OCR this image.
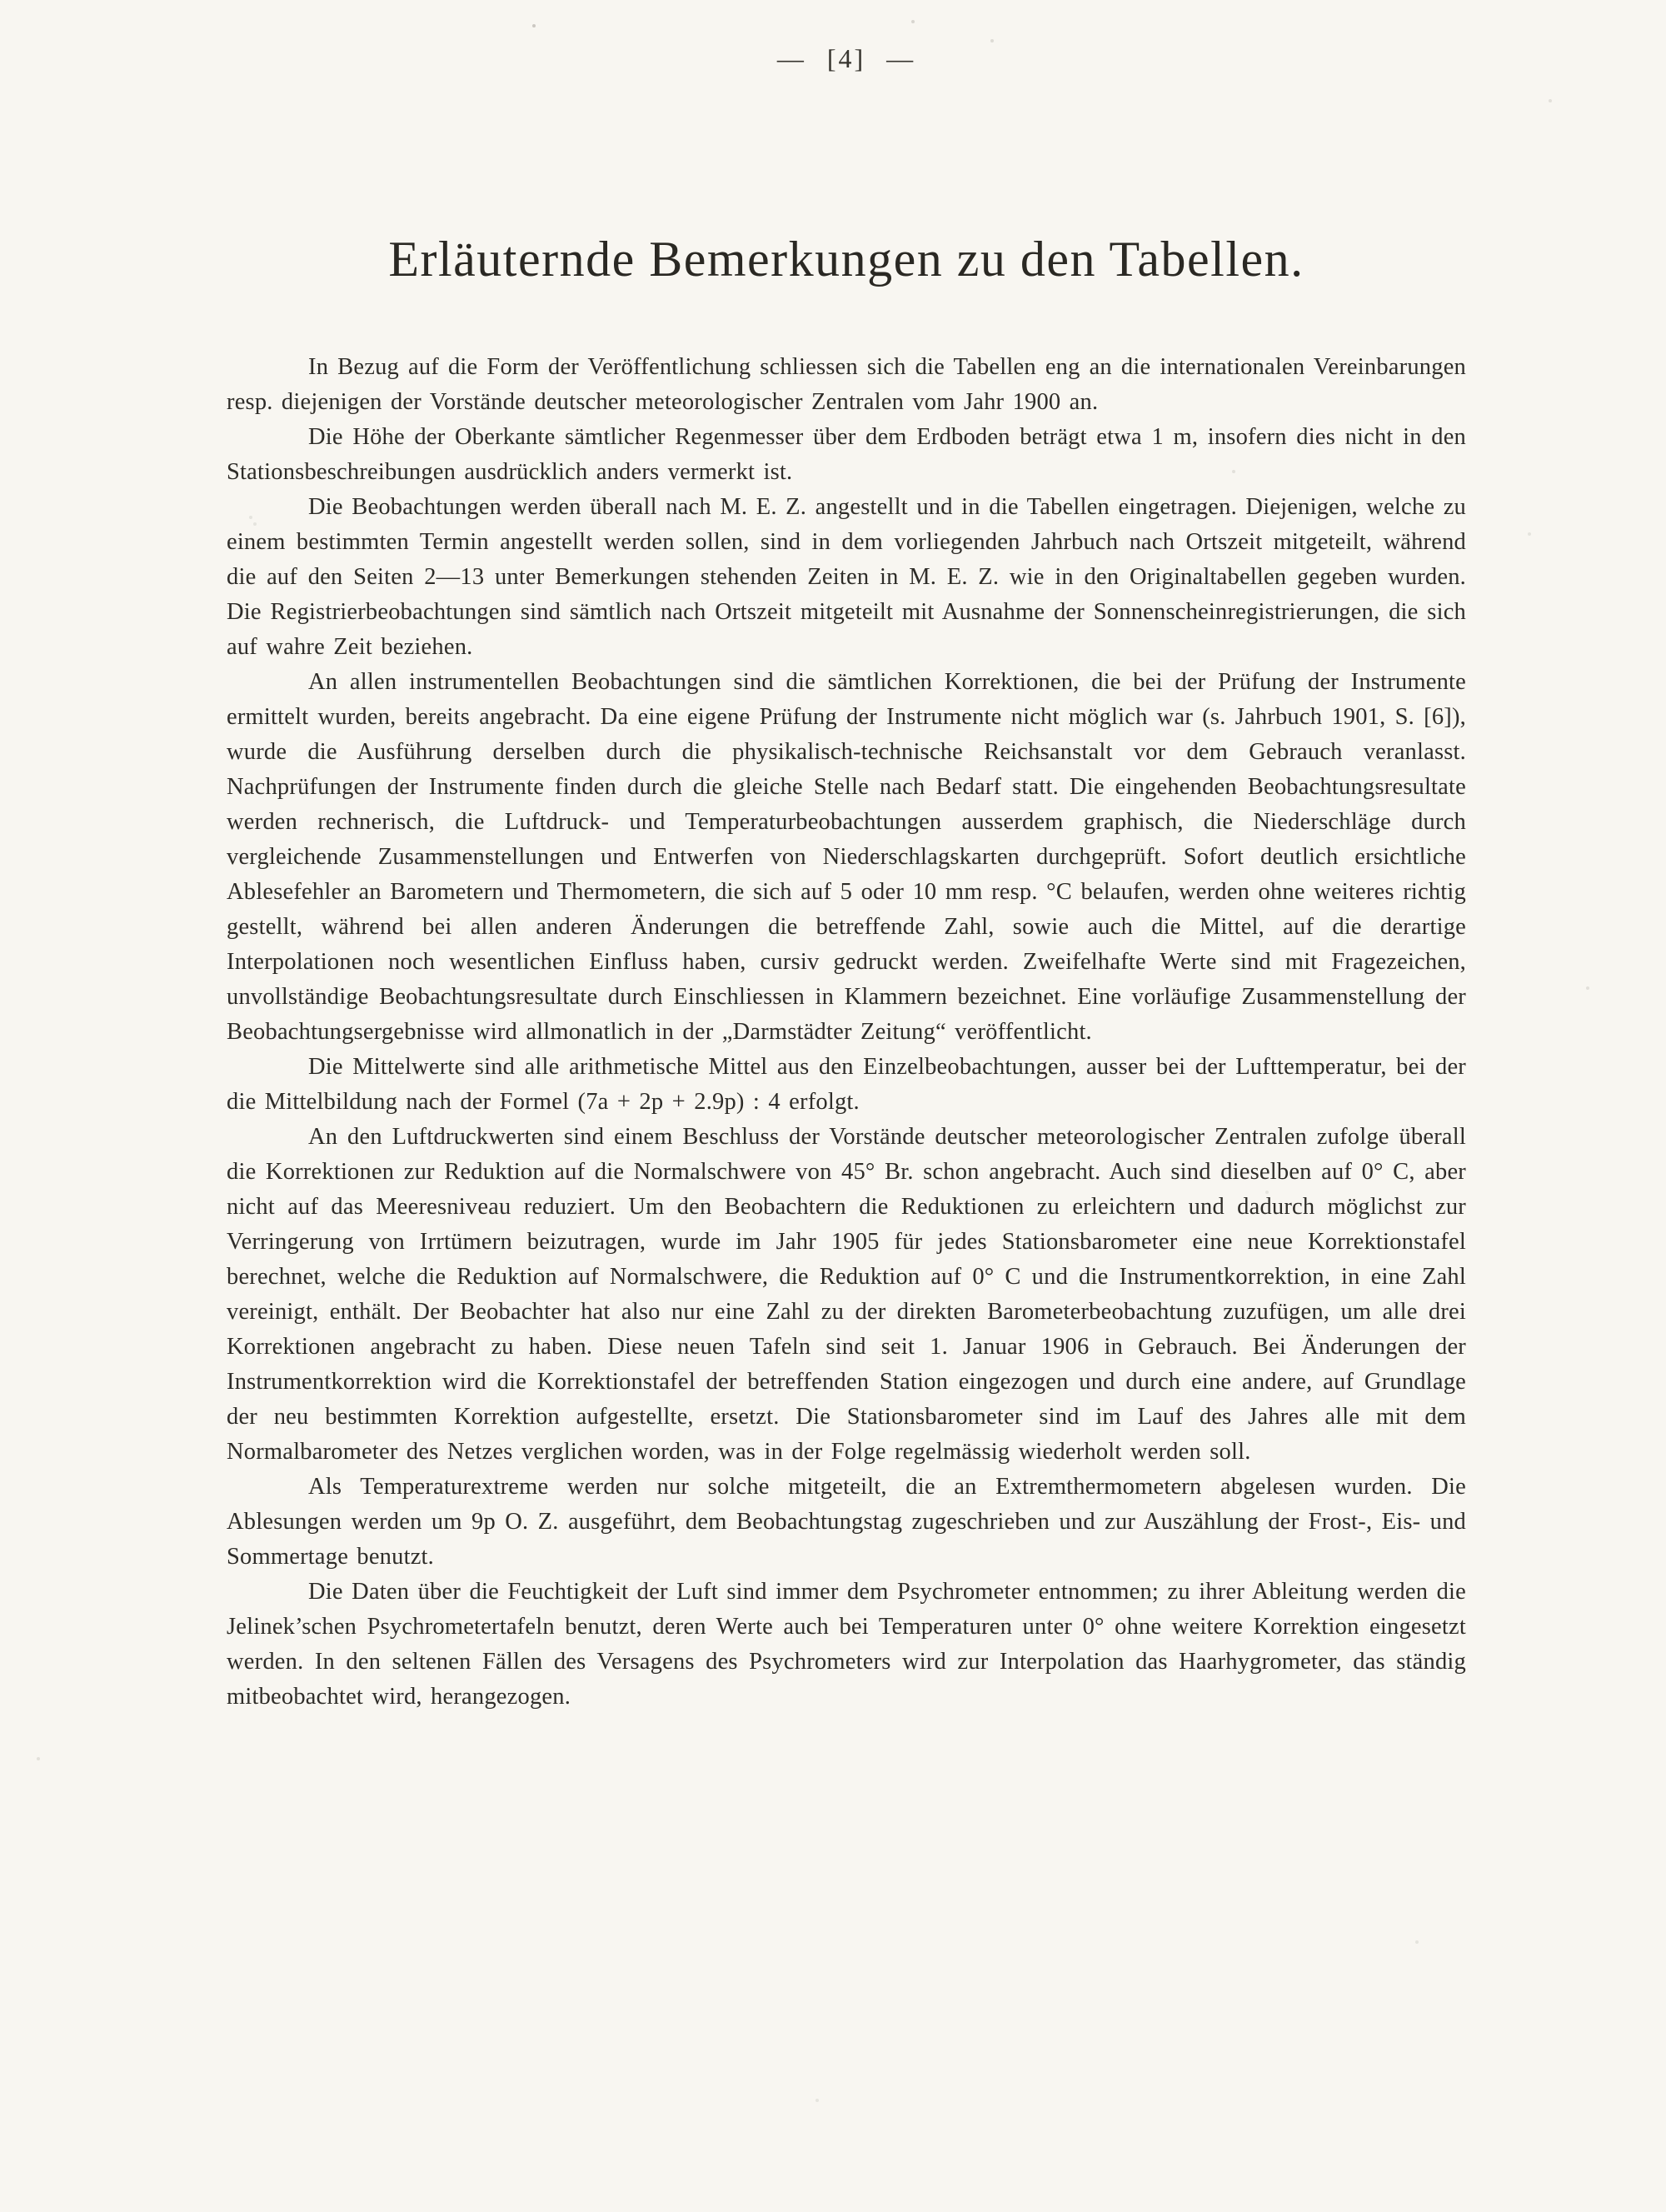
— [4] —
Erläuternde Bemerkungen zu den Tabellen.

In Bezug auf die Form der Veröffentlichung schliessen sich die Tabellen eng an die internationalen Vereinbarungen resp. diejenigen der Vorstände deutscher meteorologischer Zentralen vom Jahr 1900 an.

Die Höhe der Oberkante sämtlicher Regenmesser über dem Erdboden beträgt etwa 1 m, insofern dies nicht in den Stationsbeschreibungen ausdrücklich anders vermerkt ist.

Die Beobachtungen werden überall nach M. E. Z. angestellt und in die Tabellen eingetragen. Diejenigen, welche zu einem bestimmten Termin angestellt werden sollen, sind in dem vorliegenden Jahrbuch nach Ortszeit mitgeteilt, während die auf den Seiten 2—13 unter Bemerkungen stehenden Zeiten in M. E. Z. wie in den Originaltabellen gegeben wurden. Die Registrierbeobachtungen sind sämtlich nach Ortszeit mitgeteilt mit Ausnahme der Sonnenscheinregistrierungen, die sich auf wahre Zeit beziehen.

An allen instrumentellen Beobachtungen sind die sämtlichen Korrektionen, die bei der Prüfung der Instrumente ermittelt wurden, bereits angebracht. Da eine eigene Prüfung der Instrumente nicht möglich war (s. Jahrbuch 1901, S. [6]), wurde die Ausführung derselben durch die physikalisch-technische Reichsanstalt vor dem Gebrauch veranlasst. Nachprüfungen der Instrumente finden durch die gleiche Stelle nach Bedarf statt. Die eingehenden Beobachtungsresultate werden rechnerisch, die Luftdruck- und Temperaturbeobachtungen ausserdem graphisch, die Niederschläge durch vergleichende Zusammenstellungen und Entwerfen von Niederschlagskarten durchgeprüft. Sofort deutlich ersichtliche Ablesefehler an Barometern und Thermometern, die sich auf 5 oder 10 mm resp. °C belaufen, werden ohne weiteres richtig gestellt, während bei allen anderen Änderungen die betreffende Zahl, sowie auch die Mittel, auf die derartige Interpolationen noch wesentlichen Einfluss haben, cursiv gedruckt werden. Zweifelhafte Werte sind mit Fragezeichen, unvollständige Beobachtungsresultate durch Einschliessen in Klammern bezeichnet. Eine vorläufige Zusammenstellung der Beobachtungsergebnisse wird allmonatlich in der „Darmstädter Zeitung“ veröffentlicht.

Die Mittelwerte sind alle arithmetische Mittel aus den Einzelbeobachtungen, ausser bei der Lufttemperatur, bei der die Mittelbildung nach der Formel (7a + 2p + 2.9p) : 4 erfolgt.

An den Luftdruckwerten sind einem Beschluss der Vorstände deutscher meteorologischer Zentralen zufolge überall die Korrektionen zur Reduktion auf die Normalschwere von 45° Br. schon angebracht. Auch sind dieselben auf 0° C, aber nicht auf das Meeresniveau reduziert. Um den Beobachtern die Reduktionen zu erleichtern und dadurch möglichst zur Verringerung von Irrtümern beizutragen, wurde im Jahr 1905 für jedes Stationsbarometer eine neue Korrektionstafel berechnet, welche die Reduktion auf Normalschwere, die Reduktion auf 0° C und die Instrumentkorrektion, in eine Zahl vereinigt, enthält. Der Beobachter hat also nur eine Zahl zu der direkten Barometerbeobachtung zuzufügen, um alle drei Korrektionen angebracht zu haben. Diese neuen Tafeln sind seit 1. Januar 1906 in Gebrauch. Bei Änderungen der Instrumentkorrektion wird die Korrektionstafel der betreffenden Station eingezogen und durch eine andere, auf Grundlage der neu bestimmten Korrektion aufgestellte, ersetzt. Die Stationsbarometer sind im Lauf des Jahres alle mit dem Normalbarometer des Netzes verglichen worden, was in der Folge regelmässig wiederholt werden soll.

Als Temperaturextreme werden nur solche mitgeteilt, die an Extremthermometern abgelesen wurden. Die Ablesungen werden um 9p O. Z. ausgeführt, dem Beobachtungstag zugeschrieben und zur Auszählung der Frost-, Eis- und Sommertage benutzt.

Die Daten über die Feuchtigkeit der Luft sind immer dem Psychrometer entnommen; zu ihrer Ableitung werden die Jelinek’schen Psychrometertafeln benutzt, deren Werte auch bei Temperaturen unter 0° ohne weitere Korrektion eingesetzt werden. In den seltenen Fällen des Versagens des Psychrometers wird zur Interpolation das Haarhygrometer, das ständig mitbeobachtet wird, herangezogen.
